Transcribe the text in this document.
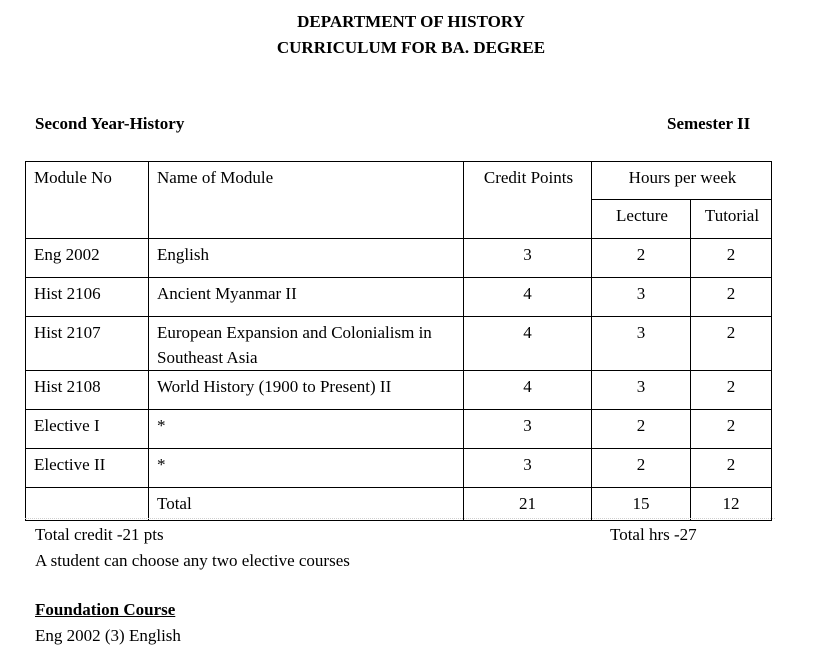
DEPARTMENT OF HISTORY
CURRICULUM FOR BA. DEGREE
Second Year-History	Semester II
Module No	Name of Module	Credit Points	Hours per week	
			Lecture	Tutorial
Eng 2002	English	3	2	2
Hist 2106	Ancient Myanmar II	4	3	2
Hist 2107	European Expansion and Colonialism in Southeast Asia	4	3	2
Hist 2108	World History (1900 to Present) II	4	3	2
Elective I	*	3	2	2
Elective II	*	3	2	2
	Total	21	15	12
Total credit -21 pts	Total hrs -27
A student can choose any two elective courses
Foundation Course
Eng 2002 (3) English
